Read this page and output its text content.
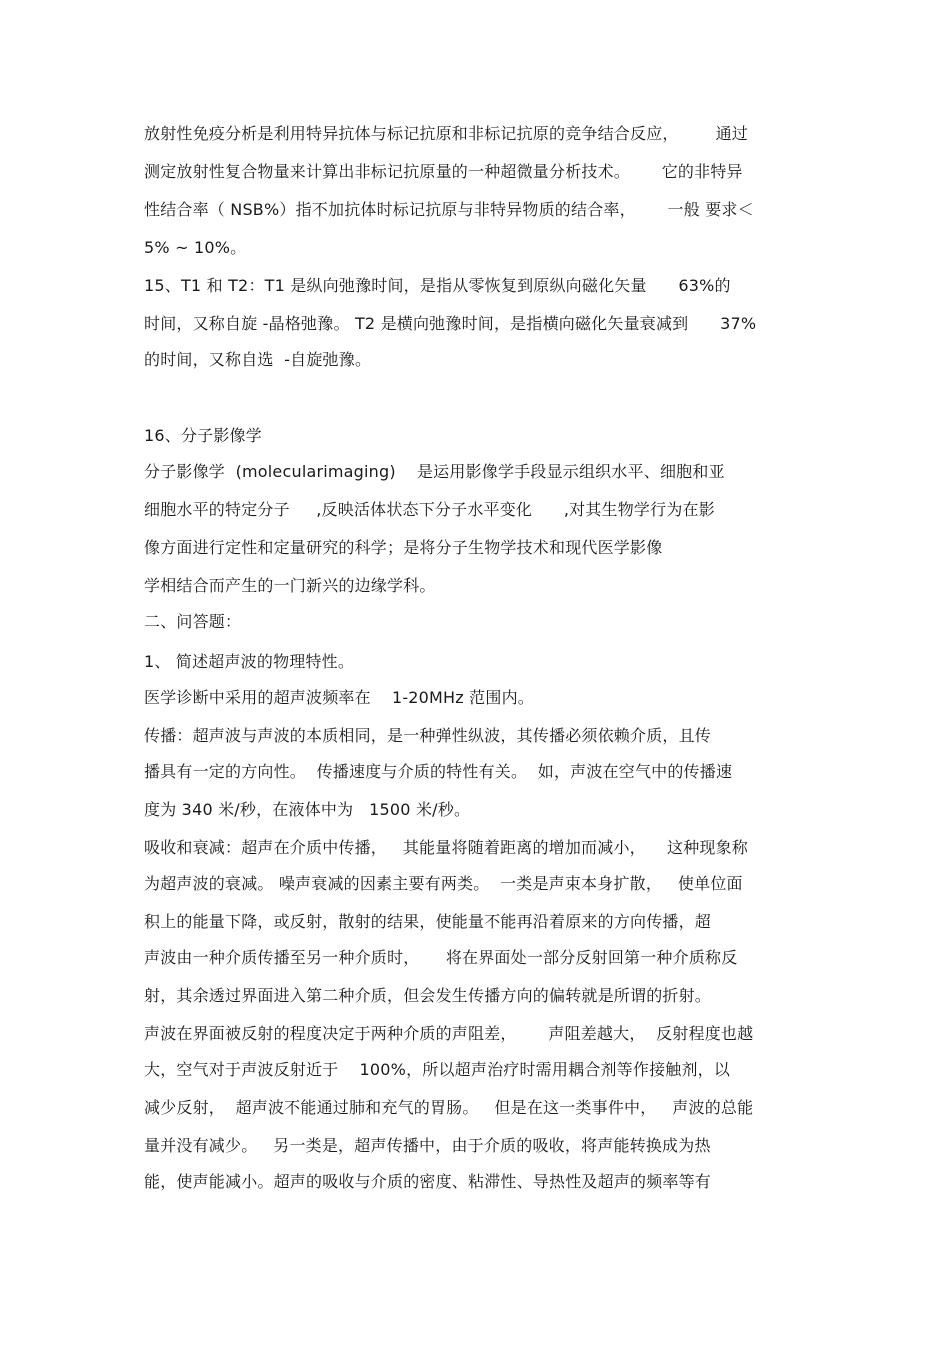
放射性免疫分析是利用特异抗体与标记抗原和非标记抗原的竞争结合反应，       通过
测定放射性复合物量来计算出非标记抗原量的一种超微量分析技术。      它的非特异
性结合率（ NSB%）指不加抗体时标记抗原与非特异物质的结合率，      一般 要求＜
5% ~ 10%。
15、T1 和 T2：T1 是纵向弛豫时间，是指从零恢复到原纵向磁化矢量      63%的
时间，又称自旋 -晶格弛豫。 T2 是横向弛豫时间，是指横向磁化矢量衰减到      37%
的时间，又称自选  -自旋弛豫。
16、分子影像学
分子影像学  (molecularimaging)    是运用影像学手段显示组织水平、细胞和亚
细胞水平的特定分子     ,反映活体状态下分子水平变化      ,对其生物学行为在影
像方面进行定性和定量研究的科学；是将分子生物学技术和现代医学影像
学相结合而产生的一门新兴的边缘学科。
二、问答题：
1、 简述超声波的物理特性。
医学诊断中采用的超声波频率在    1-20MHz 范围内。
传播：超声波与声波的本质相同，是一种弹性纵波，其传播必须依赖介质，且传
播具有一定的方向性。  传播速度与介质的特性有关。  如，声波在空气中的传播速
度为 340 米/秒，在液体中为   1500 米/秒。
吸收和衰减：超声在介质中传播，   其能量将随着距离的增加而减小，    这种现象称
为超声波的衰减。 噪声衰减的因素主要有两类。  一类是声束本身扩散，   使单位面
积上的能量下降，或反射，散射的结果，使能量不能再沿着原来的方向传播，超
声波由一种介质传播至另一种介质时，     将在界面处一部分反射回第一种介质称反
射，其余透过界面进入第二种介质，但会发生传播方向的偏转就是所谓的折射。
声波在界面被反射的程度决定于两种介质的声阻差，      声阻差越大，  反射程度也越
大，空气对于声波反射近于    100%，所以超声治疗时需用耦合剂等作接触剂，以
减少反射，  超声波不能通过肺和充气的胃肠。   但是在这一类事件中，   声波的总能
量并没有减少。   另一类是，超声传播中，由于介质的吸收，将声能转换成为热
能，使声能减小。超声的吸收与介质的密度、粘滞性、导热性及超声的频率等有
